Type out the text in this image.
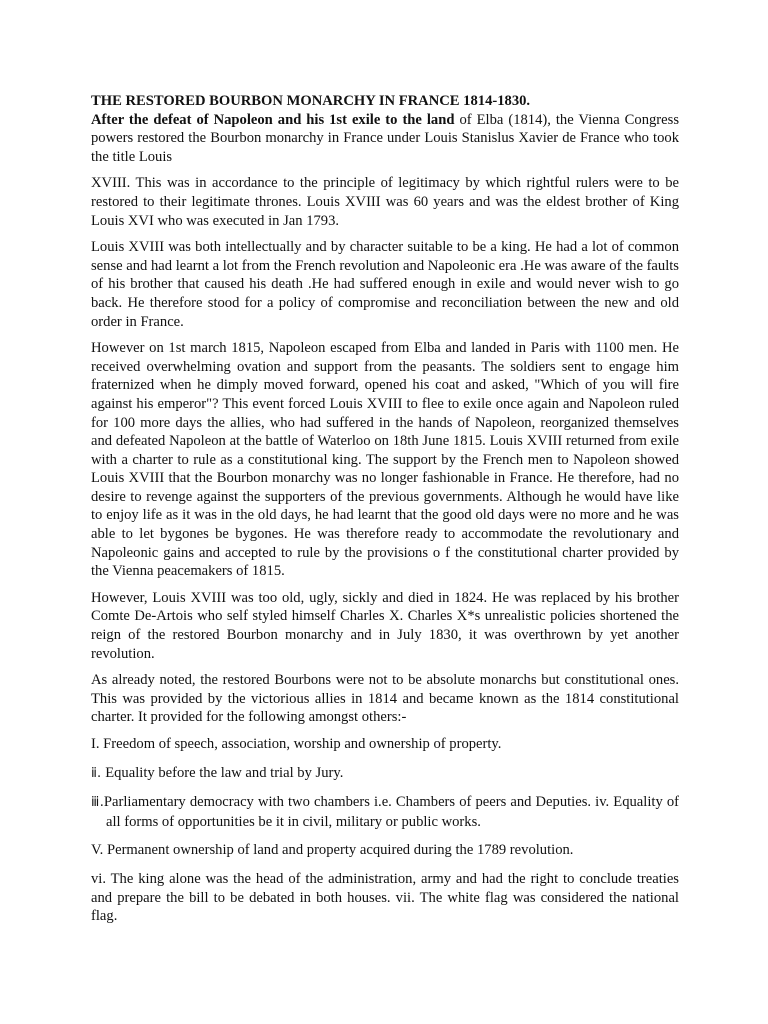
THE RESTORED BOURBON MONARCHY IN FRANCE 1814-1830.

After the defeat of Napoleon and his 1st exile to the land of Elba (1814), the Vienna Congress powers restored the Bourbon monarchy in France under Louis Stanislus Xavier de France who took the title Louis

XVIII. This was in accordance to the principle of legitimacy by which rightful rulers were to be restored to their legitimate thrones. Louis XVIII was 60 years and was the eldest brother of King Louis XVI who was executed in Jan 1793.

Louis XVIII was both intellectually and by character suitable to be a king. He had a lot of common sense and had learnt a lot from the French revolution and Napoleonic era .He was aware of the faults of his brother that caused his death .He had suffered enough in exile and would never wish to go back. He therefore stood for a policy of compromise and reconciliation between the new and old order in France.

However on 1st march 1815, Napoleon escaped from Elba and landed in Paris with 1100 men. He received overwhelming ovation and support from the peasants. The soldiers sent to engage him fraternized when he dimply moved forward, opened his coat and asked, "Which of you will fire against his emperor"? This event forced Louis XVIII to flee to exile once again and Napoleon ruled for 100 more days the allies, who had suffered in the hands of Napoleon, reorganized themselves and defeated Napoleon at the battle of Waterloo on 18th June 1815. Louis XVIII returned from exile with a charter to rule as a constitutional king. The support by the French men to Napoleon showed Louis XVIII that the Bourbon monarchy was no longer fashionable in France. He therefore, had no desire to revenge against the supporters of the previous governments. Although he would have like to enjoy life as it was in the old days, he had learnt that the good old days were no more and he was able to let bygones be bygones. He was therefore ready to accommodate the revolutionary and Napoleonic gains and accepted to rule by the provisions o f the constitutional charter provided by the Vienna peacemakers of 1815.

However, Louis XVIII was too old, ugly, sickly and died in 1824. He was replaced by his brother Comte De-Artois who self styled himself Charles X. Charles X*s unrealistic policies shortened the reign of the restored Bourbon monarchy and in July 1830, it was overthrown by yet another revolution.

As already noted, the restored Bourbons were not to be absolute monarchs but constitutional ones. This was provided by the victorious allies in 1814 and became known as the 1814 constitutional charter. It provided for the following amongst others:-

I. Freedom of speech, association, worship and ownership of property.

ⅱ. Equality before the law and trial by Jury.

ⅲ.Parliamentary democracy with two chambers i.e. Chambers of peers and Deputies. iv. Equality of all forms of opportunities be it in civil, military or public works.

V. Permanent ownership of land and property acquired during the 1789 revolution.

vi. The king alone was the head of the administration, army and had the right to conclude treaties and prepare the bill to be debated in both houses. vii. The white flag was considered the national flag.
